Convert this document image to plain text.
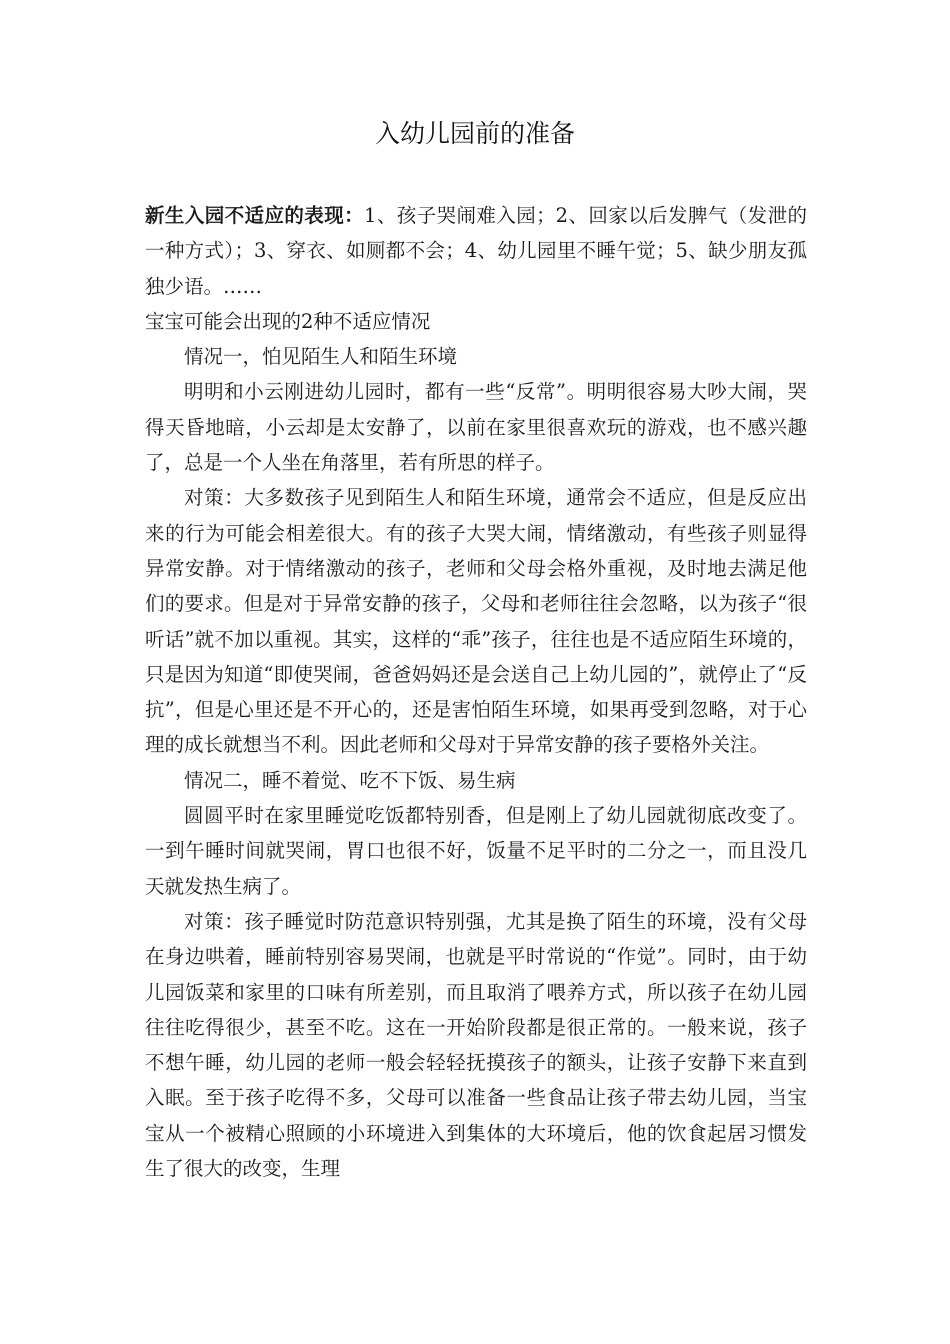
入幼儿园前的准备

新生入园不适应的表现：1、孩子哭闹难入园；2、回家以后发脾气（发泄的一种方式）；3、穿衣、如厕都不会；4、幼儿园里不睡午觉；5、缺少朋友孤独少语。……

宝宝可能会出现的2种不适应情况

情况一，怕见陌生人和陌生环境

明明和小云刚进幼儿园时，都有一些“反常”。明明很容易大吵大闹，哭得天昏地暗，小云却是太安静了，以前在家里很喜欢玩的游戏，也不感兴趣了，总是一个人坐在角落里，若有所思的样子。

对策：大多数孩子见到陌生人和陌生环境，通常会不适应，但是反应出来的行为可能会相差很大。有的孩子大哭大闹，情绪激动，有些孩子则显得异常安静。对于情绪激动的孩子，老师和父母会格外重视，及时地去满足他们的要求。但是对于异常安静的孩子，父母和老师往往会忽略，以为孩子“很听话”就不加以重视。其实，这样的“乖”孩子，往往也是不适应陌生环境的，只是因为知道“即使哭闹，爸爸妈妈还是会送自己上幼儿园的”，就停止了“反抗”，但是心里还是不开心的，还是害怕陌生环境，如果再受到忽略，对于心理的成长就想当不利。因此老师和父母对于异常安静的孩子要格外关注。

情况二，睡不着觉、吃不下饭、易生病

圆圆平时在家里睡觉吃饭都特别香，但是刚上了幼儿园就彻底改变了。一到午睡时间就哭闹，胃口也很不好，饭量不足平时的二分之一，而且没几天就发热生病了。

对策：孩子睡觉时防范意识特别强，尤其是换了陌生的环境，没有父母在身边哄着，睡前特别容易哭闹，也就是平时常说的“作觉”。同时，由于幼儿园饭菜和家里的口味有所差别，而且取消了喂养方式，所以孩子在幼儿园往往吃得很少，甚至不吃。这在一开始阶段都是很正常的。一般来说，孩子不想午睡，幼儿园的老师一般会轻轻抚摸孩子的额头，让孩子安静下来直到入眠。至于孩子吃得不多，父母可以准备一些食品让孩子带去幼儿园，当宝宝从一个被精心照顾的小环境进入到集体的大环境后，他的饮食起居习惯发生了很大的改变，生理
